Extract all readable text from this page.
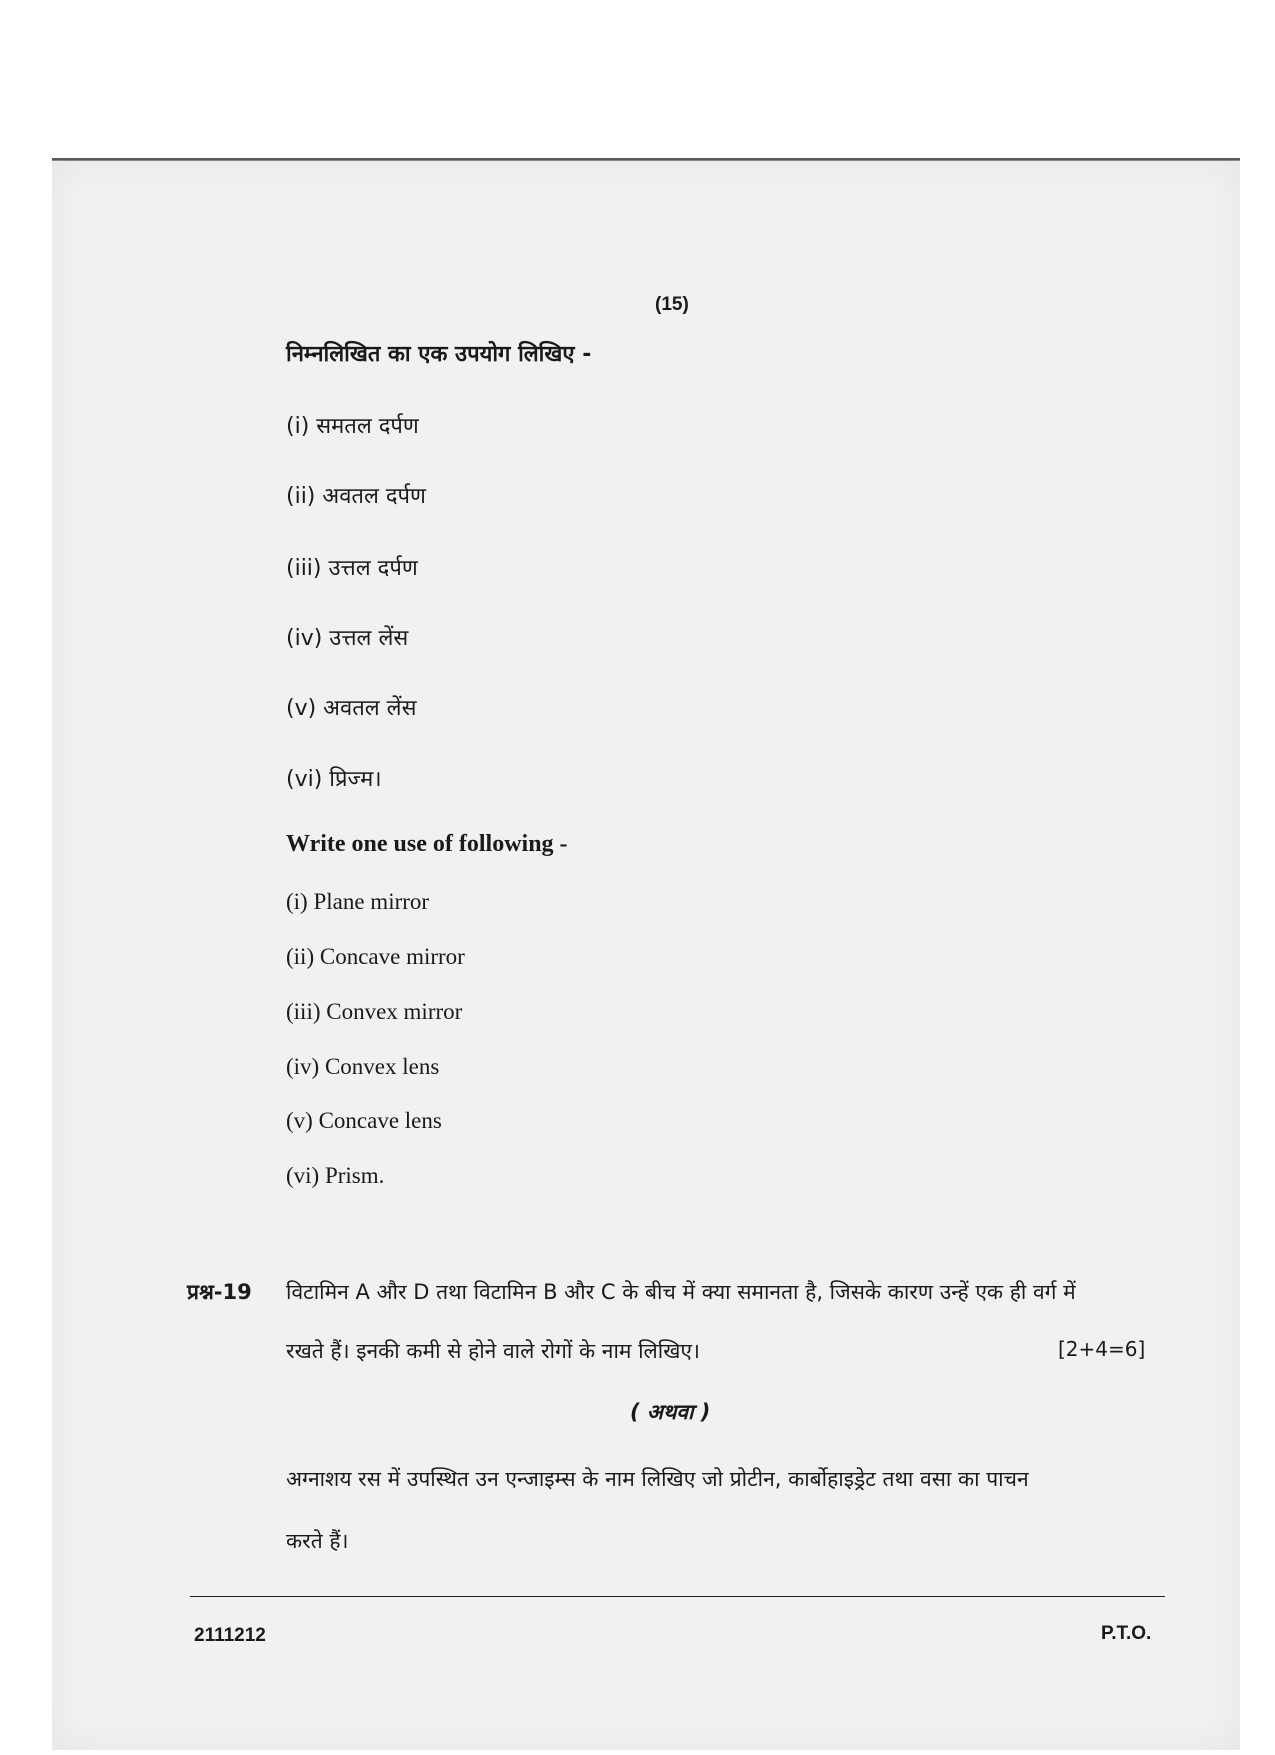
(15)
निम्नलिखित का एक उपयोग लिखिए -
(i) समतल दर्पण
(ii) अवतल दर्पण
(iii) उत्तल दर्पण
(iv) उत्तल लेंस
(v) अवतल लेंस
(vi) प्रिज्म।
Write one use of following -
(i) Plane mirror
(ii) Concave mirror
(iii) Convex mirror
(iv) Convex lens
(v) Concave lens
(vi) Prism.
प्रश्न-19 विटामिन A और D तथा विटामिन B और C के बीच में क्या समानता है, जिसके कारण उन्हें एक ही वर्ग में
रखते हैं। इनकी कमी से होने वाले रोगों के नाम लिखिए।	[2+4=6]
( अथवा )
अग्नाशय रस में उपस्थित उन एन्जाइम्स के नाम लिखिए जो प्रोटीन, कार्बोहाइड्रेट तथा वसा का पाचन
करते हैं।
2111212	P.T.O.
